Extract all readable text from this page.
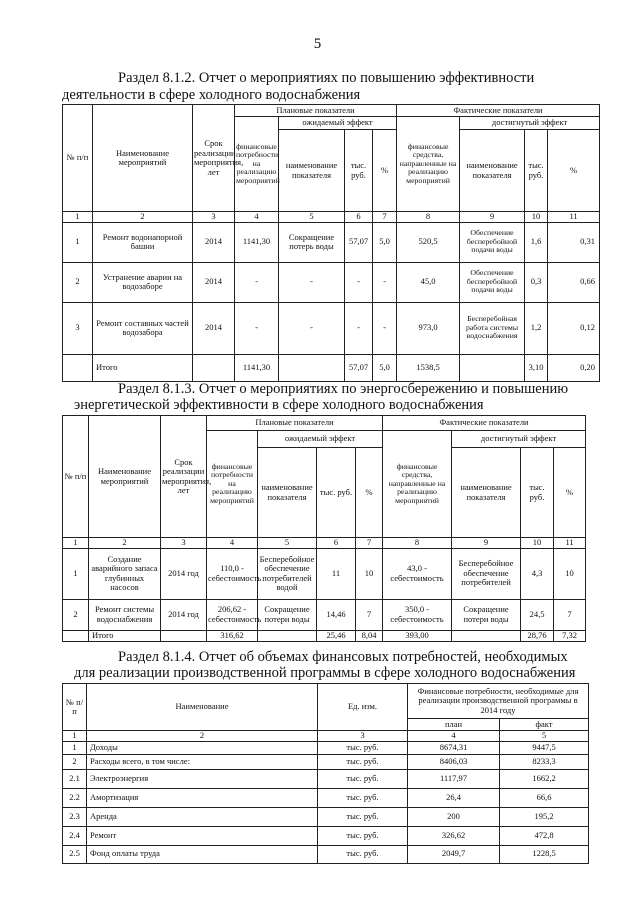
5
Раздел 8.1.2. Отчет о мероприятиях по повышению эффективности
деятельности в сфере холодного водоснабжения
№ п/п	Наименование мероприятий	Срок реализации мероприятия, лет	Плановые показатели				Фактические показатели			
			финансовые потребности на реализацию мероприятий	ожидаемый эффект			финансовые средства, направленные на реализацию мероприятий	достигнутый эффект		
				наименование показателя	тыс. руб.	%		наименование показателя	тыс. руб.	%
1	2	3	4	5	6	7	8	9	10	11
1	Ремонт водонапорной башни	2014	1141,30	Сокращение потерь воды	57,07	5,0	520,5	Обеспечение бесперебойной подачи воды	1,6	0,31
2	Устранение аварии на водозаборе	2014	-	-	-	-	45,0	Обеспечение бесперебойной подачи воды	0,3	0,66
3	Ремонт составных частей водозабора	2014	-	-	-	-	973,0	Бесперебойная работа системы водоснабжения	1,2	0,12
	Итого		1141,30		57,07	5,0	1538,5		3,10	0,20
Раздел 8.1.3. Отчет о мероприятиях по энергосбережению и повышению
энергетической эффективности в сфере холодного водоснабжения
№ п/п	Наименование мероприятий	Срок реализации мероприятия, лет	Плановые показатели				Фактические показатели			
			финансовые потребности на реализацию мероприятий	ожидаемый эффект			финансовые средства, направленные на реализацию мероприятий	достигнутый эффект		
				наименование показателя	тыс. руб.	%		наименование показателя	тыс. руб.	%
1	2	3	4	5	6	7	8	9	10	11
1	Создание аварийного запаса глубинных насосов	2014 год	110,0 - себестоимость	Бесперебойное обеспечение потребителей водой	11	10	43,0 - себестоимость	Бесперебойное обеспечение потребителей	4,3	10
2	Ремонт системы водоснабжения	2014 год	206,62 - себестоимость	Сокращение потери воды	14,46	7	350,0 - себестоимость	Сокращение потери воды	24,5	7
	Итого		316,62		25,46	8,04	393,00		28,76	7,32
Раздел 8.1.4. Отчет об объемах финансовых потребностей, необходимых
для реализации производственной программы в сфере холодного водоснабжения
№ п/п	Наименование	Ед. изм.	Финансовые потребности, необходимые для реализации производственной программы в 2014 году	
			план	факт
1	2	3	4	5
1	Доходы	тыс. руб.	8674,31	9447,5
2	Расходы всего, в том числе:	тыс. руб.	8406,03	8233,3
2.1	Электроэнергия	тыс. руб.	1117,97	1662,2
2.2	Амортизация	тыс. руб.	26,4	66,6
2.3	Аренда	тыс. руб.	200	195,2
2.4	Ремонт	тыс. руб.	326,62	472,8
2.5	Фонд оплаты труда	тыс. руб.	2049,7	1228,5
